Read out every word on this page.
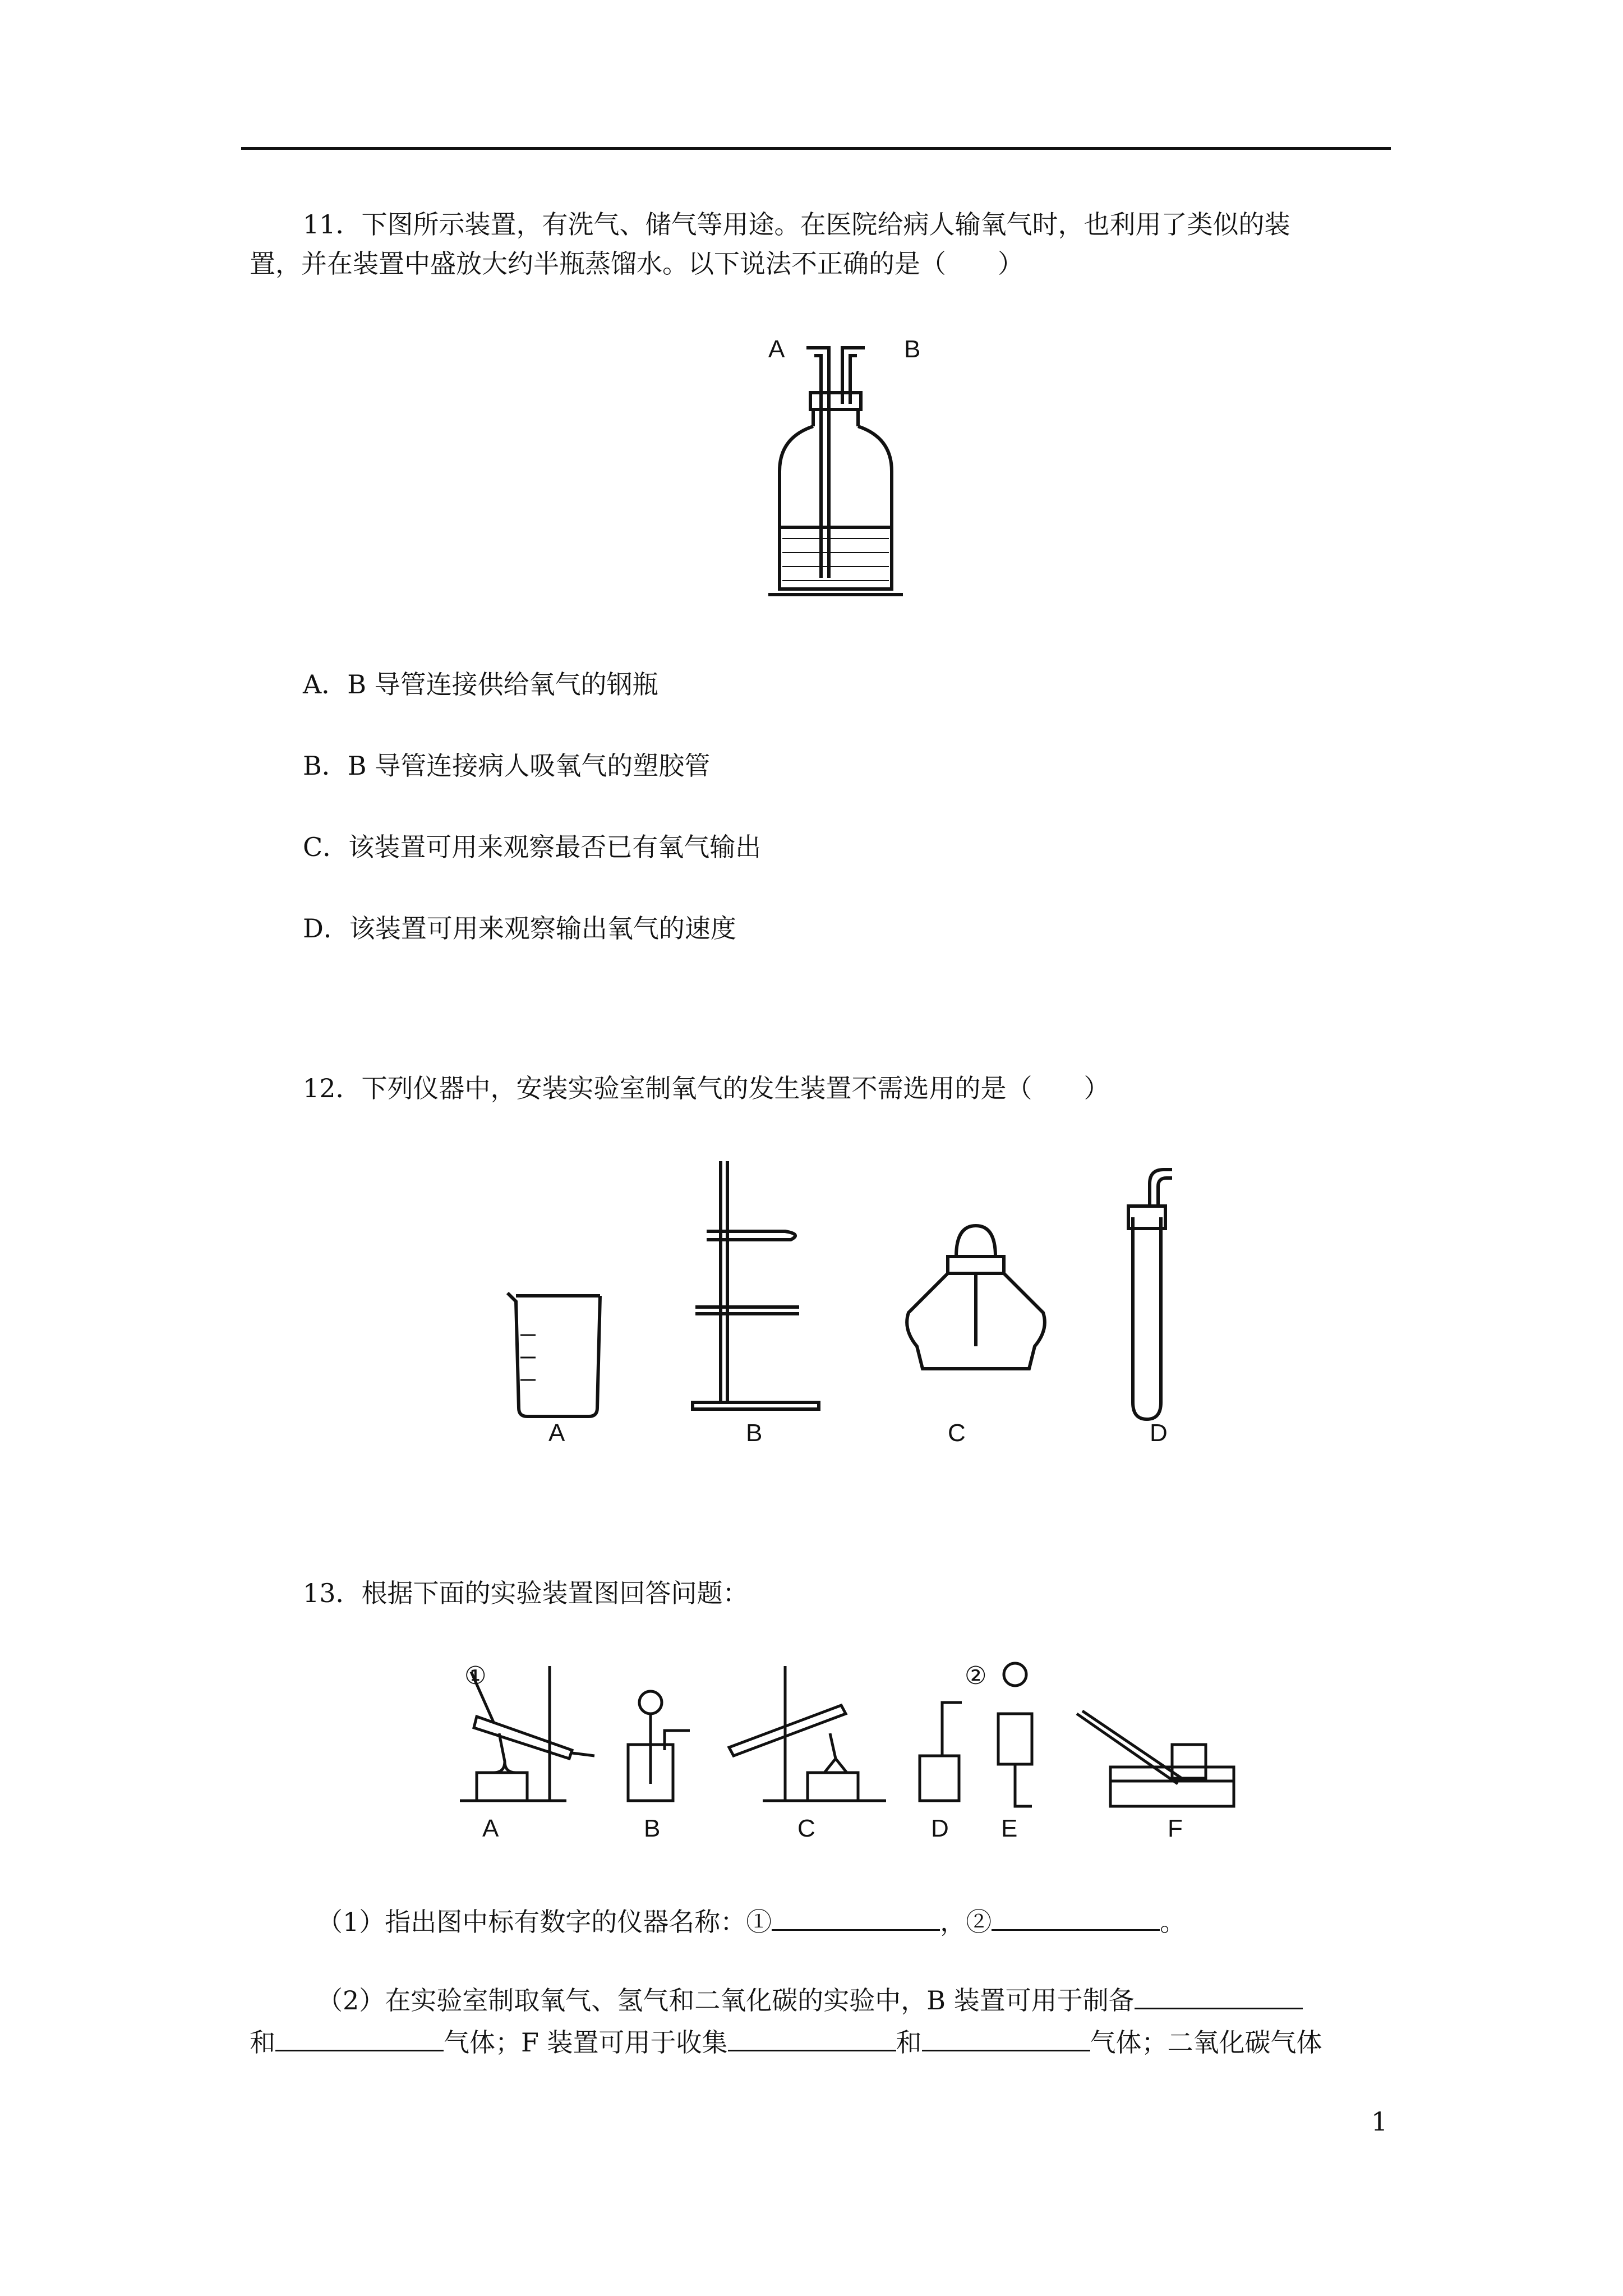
11．下图所示装置，有洗气、储气等用途。在医院给病人输氧气时，也利用了类似的装
置，并在装置中盛放大约半瓶蒸馏水。以下说法不正确的是（　　）
A	B
A．B 导管连接供给氧气的钢瓶
B．B 导管连接病人吸氧气的塑胶管
C．该装置可用来观察最否已有氧气输出
D．该装置可用来观察输出氧气的速度
12．下列仪器中，安装实验室制氧气的发生装置不需选用的是（　　）
A	B	C	D
13．根据下面的实验装置图回答问题：
A	B	C	D E	F
①	②
（1）指出图中标有数字的仪器名称：①	，②	。
（2）在实验室制取氧气、氢气和二氧化碳的实验中，B 装置可用于制备
和	气体；F 装置可用于收集	和	气体；二氧化碳气体
1
